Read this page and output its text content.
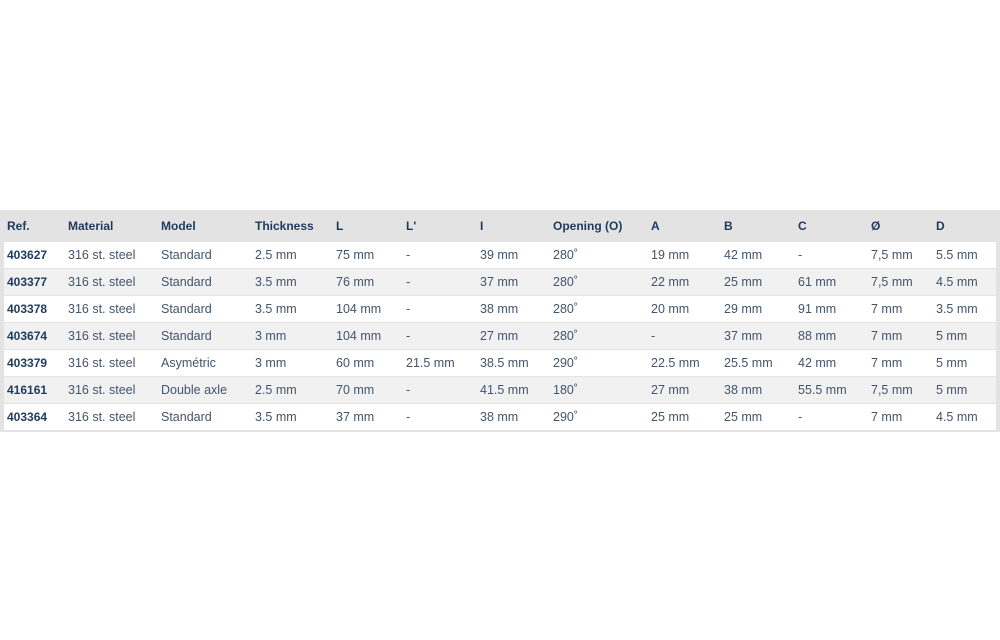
Ref.	Material	Model	Thickness	L	L'	I	Opening (O)	A	B	C	Ø	D
403627	316 st. steel	Standard	2.5 mm	75 mm	-	39 mm	280˚	19 mm	42 mm	-	7,5 mm	5.5 mm
403377	316 st. steel	Standard	3.5 mm	76 mm	-	37 mm	280˚	22 mm	25 mm	61 mm	7,5 mm	4.5 mm
403378	316 st. steel	Standard	3.5 mm	104 mm	-	38 mm	280˚	20 mm	29 mm	91 mm	7 mm	3.5 mm
403674	316 st. steel	Standard	3 mm	104 mm	-	27 mm	280˚	-	37 mm	88 mm	7 mm	5 mm
403379	316 st. steel	Asymétric	3 mm	60 mm	21.5 mm	38.5 mm	290˚	22.5 mm	25.5 mm	42 mm	7 mm	5 mm
416161	316 st. steel	Double axle	2.5 mm	70 mm	-	41.5 mm	180˚	27 mm	38 mm	55.5 mm	7,5 mm	5 mm
403364	316 st. steel	Standard	3.5 mm	37 mm	-	38 mm	290˚	25 mm	25 mm	-	7 mm	4.5 mm
